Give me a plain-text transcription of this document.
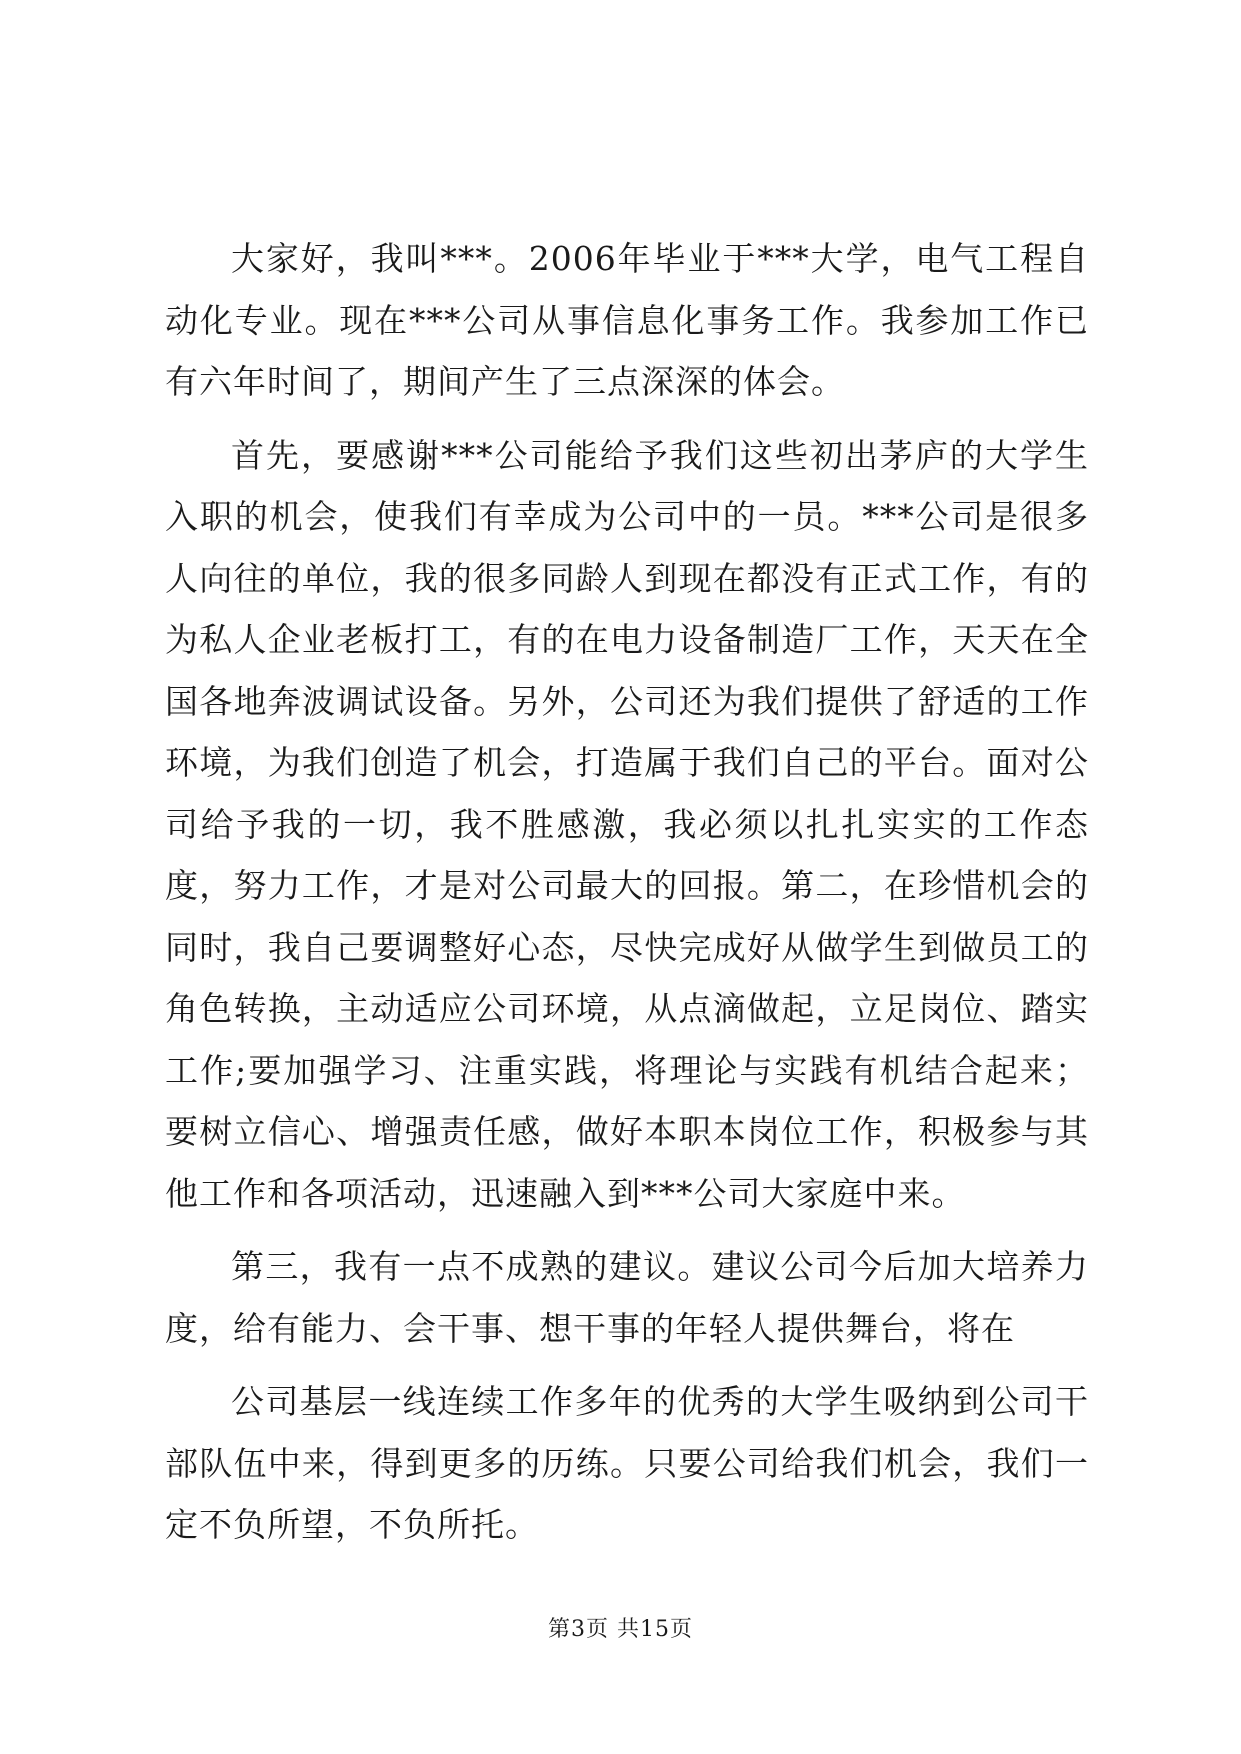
大家好，我叫***。2006年毕业于***大学，电气工程自动化专业。现在***公司从事信息化事务工作。我参加工作已有六年时间了，期间产生了三点深深的体会。

首先，要感谢***公司能给予我们这些初出茅庐的大学生入职的机会，使我们有幸成为公司中的一员。***公司是很多人向往的单位，我的很多同龄人到现在都没有正式工作，有的为私人企业老板打工，有的在电力设备制造厂工作，天天在全国各地奔波调试设备。另外，公司还为我们提供了舒适的工作环境，为我们创造了机会，打造属于我们自己的平台。面对公司给予我的一切，我不胜感激，我必须以扎扎实实的工作态度，努力工作，才是对公司最大的回报。第二，在珍惜机会的同时，我自己要调整好心态，尽快完成好从做学生到做员工的角色转换，主动适应公司环境，从点滴做起，立足岗位、踏实工作;要加强学习、注重实践，将理论与实践有机结合起来；要树立信心、增强责任感，做好本职本岗位工作，积极参与其他工作和各项活动，迅速融入到***公司大家庭中来。

第三，我有一点不成熟的建议。建议公司今后加大培养力度，给有能力、会干事、想干事的年轻人提供舞台，将在

公司基层一线连续工作多年的优秀的大学生吸纳到公司干部队伍中来，得到更多的历练。只要公司给我们机会，我们一定不负所望，不负所托。

第3页 共15页
